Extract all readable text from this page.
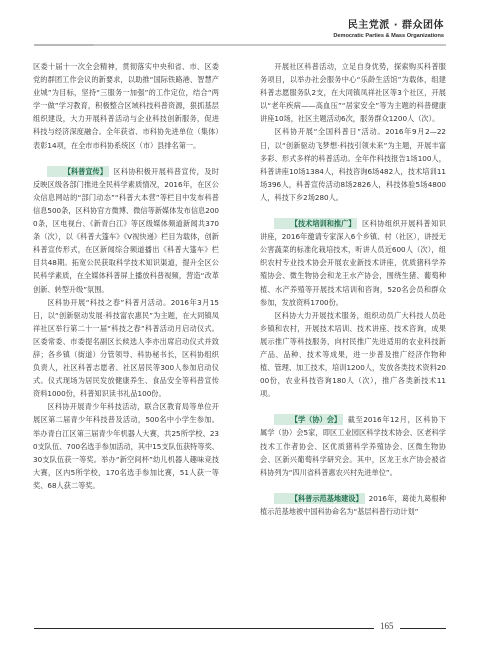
民主党派 · 群众团体
Democratic Parties & Mass Organizations

区委十届十一次全会精神，贯彻落实中央和省、市、区委党的群团工作会议的新要求，以助推“国际铁路港、智慧产业城”为目标，坚持“三服务一加强”的工作定位，结合“两学一做”学习教育，积极整合区域科技科普资源，狠抓基层组织建设，大力开展科普活动与企业科技创新服务，促进科技与经济深度融合。全年获省、市科协先进单位（集体）表彰14项，在全市市科协系统区（市）县排名第一。

【科普宣传】 区科协积极开展科普宣传，及时反映区级各部门推进全民科学素质情况，2016年，在区公众信息网站的“部门动态”“科普大本营”等栏目中发布科普信息500条，区科协官方微博、微信等新媒体发布信息2000条，区电视台、《新青白江》等区级媒体频道新闻共370条（次），以《科普大篷车》《V视快递》栏目为载体，创新科普宣传形式，在区新闻综合频道播出《科普大篷车》栏目共48期。拓宽公民获取科学技术知识渠道，提升全区公民科学素质，在全媒体科普屏上播放科普视频，营造“改革创新、转型升级”氛围。

区科协开展“科技之春”科普月活动。2016年3月15日，以“创新驱动发展·科技富农惠民”为主题，在大同镇凤祥社区举行第二十一届“科技之春”科普活动月启动仪式。区委常委、市委提名副区长候选人李亦出席启动仪式并致辞；各乡镇（街道）分管领导、科协秘书长，区科协组织负责人，社区科普志愿者、社区居民等300人参加启动仪式。仪式现场为居民发放健康养生、食品安全等科普宣传资料1000份，科普知识读书礼品100份。

区科协开展青少年科技活动，联合区教育局等单位开展区第二届青少年科技普及活动，500名中小学生参加。举办青白江区第三届青少年机器人大赛，共25所学校、230支队伍、700名选手参加活动，其中15支队伍获特等奖、30支队伍获一等奖。举办“新空间杯”幼儿机器人趣味竞技大赛，区内5所学校，170名选手参加比赛，51人获一等奖、68人获二等奖。

开展社区科普活动，立足自身优势，探索购买科普服务项目，以举办社会服务中心“乐龄生活馆”为载体，组建科普志愿服务队2支，在大同镇凤祥社区等3个社区，开展以“老年疾病——高血压”“居家安全”等为主题的科普健康讲座10场，社区主题活动6次，服务群众1200人（次）。

区科协开展“全国科普日”活动。2016年9月2—22日，以“创新驱动飞梦想·科技引领未来”为主题，开展丰富多彩、形式多样的科普活动。全年作科技报告1场100人，科普讲座10场1384人，科技咨询6场482人，技术培训11场396人，科普宣传活动8场2826人，科技体验5场4800人，科技下乡2场280人。

【技术培训和推广】 区科协组织开展科普知识讲座，2016年邀请专家深入6个乡镇、村（社区），讲授无公害蔬菜的标准化栽培技术，听讲人员近600人（次），组织农村专业技术协会开展农业新技术讲座，优质猪科学养殖协会、微生物协会和龙王水产协会，围绕生猪、葡萄种植、水产养殖等开展技术培训和咨询，520名会员和群众参加，发放资料1700份。

区科协大力开展技术服务，组织动员广大科技人员赴乡镇和农村，开展技术培训、技术讲座、技术咨询，成果展示推广等科技服务，向村民推广先进适用的农业科技新产品、品种、技术等成果，进一步普及推广经济作物种植、管理、加工技术，培训1200人，发放各类技术资料2000份，农业科技咨询180人（次），推广各类新技术11项。

【学（协）会】 截至2016年12月，区科协下属学（协）会5家，即区工业园区科学技术协会、区老科学技术工作者协会、区优质猪科学养殖协会、区微生物协会、区新兴葡萄科学研究会。其中，区龙王水产协会被省科协列为“四川省科普惠农兴村先进单位”。

【科普示范基地建设】 2016年，葛徒九葛根种植示范基地被中国科协命名为“基层科普行动计划”

165
